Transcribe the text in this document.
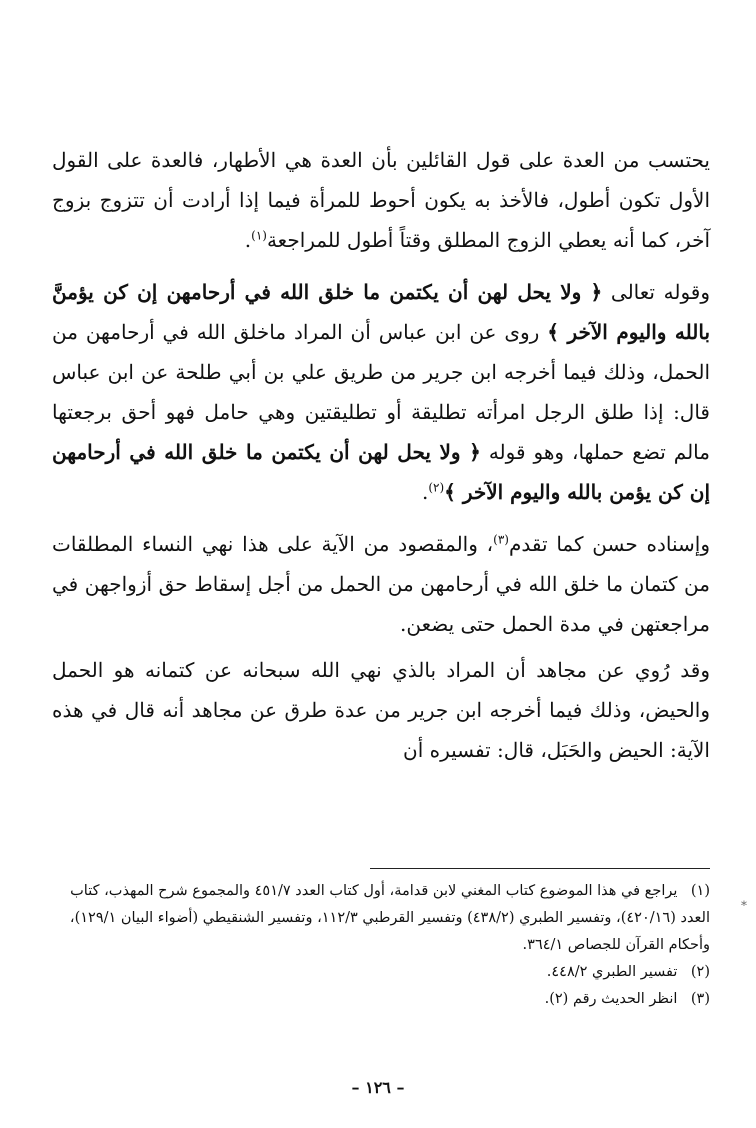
يحتسب من العدة على قول القائلين بأن العدة هي الأطهار، فالعدة على القول الأول تكون أطول، فالأخذ به يكون أحوط للمرأة فيما إذا أرادت أن تتزوج بزوج آخر، كما أنه يعطي الزوج المطلق وقتاً أطول للمراجعة$^{(١)}$.

وقوله تعالى ﴿ ولا يحل لهن أن يكتمن ما خلق الله في أرحامهن إن كن يؤمنَّ بالله واليوم الآخر ﴾ روى عن ابن عباس أن المراد ماخلق الله في أرحامهن من الحمل، وذلك فيما أخرجه ابن جرير من طريق علي بن أبي طلحة عن ابن عباس قال: إذا طلق الرجل امرأته تطليقة أو تطليقتين وهي حامل فهو أحق برجعتها مالم تضع حملها، وهو قوله ﴿ ولا يحل لهن أن يكتمن ما خلق الله في أرحامهن إن كن يؤمن بالله واليوم الآخر ﴾$^{(٢)}$.

وإسناده حسن كما تقدم$^{(٣)}$، والمقصود من الآية على هذا نهي النساء المطلقات من كتمان ما خلق الله في أرحامهن من الحمل من أجل إسقاط حق أزواجهن في مراجعتهن في مدة الحمل حتى يضعن.

وقد رُوي عن مجاهد أن المراد بالذي نهي الله سبحانه عن كتمانه هو الحمل والحيض، وذلك فيما أخرجه ابن جرير من عدة طرق عن مجاهد أنه قال في هذه الآية: الحيض والحَبَل، قال: تفسيره أن

(١) يراجع في هذا الموضوع كتاب المغني لابن قدامة، أول كتاب العدد ٤٥١/٧ والمجموع شرح المهذب، كتاب العدد (٤٢٠/١٦)، وتفسير الطبري (٤٣٨/٢) وتفسير القرطبي ١١٢/٣، وتفسير الشنقيطي (أضواء البيان ١٢٩/١)، وأحكام القرآن للجصاص ٣٦٤/١.

(٢) تفسير الطبري ٤٤٨/٢.

(٣) انظر الحديث رقم (٢).

∗
– ١٢٦ –
